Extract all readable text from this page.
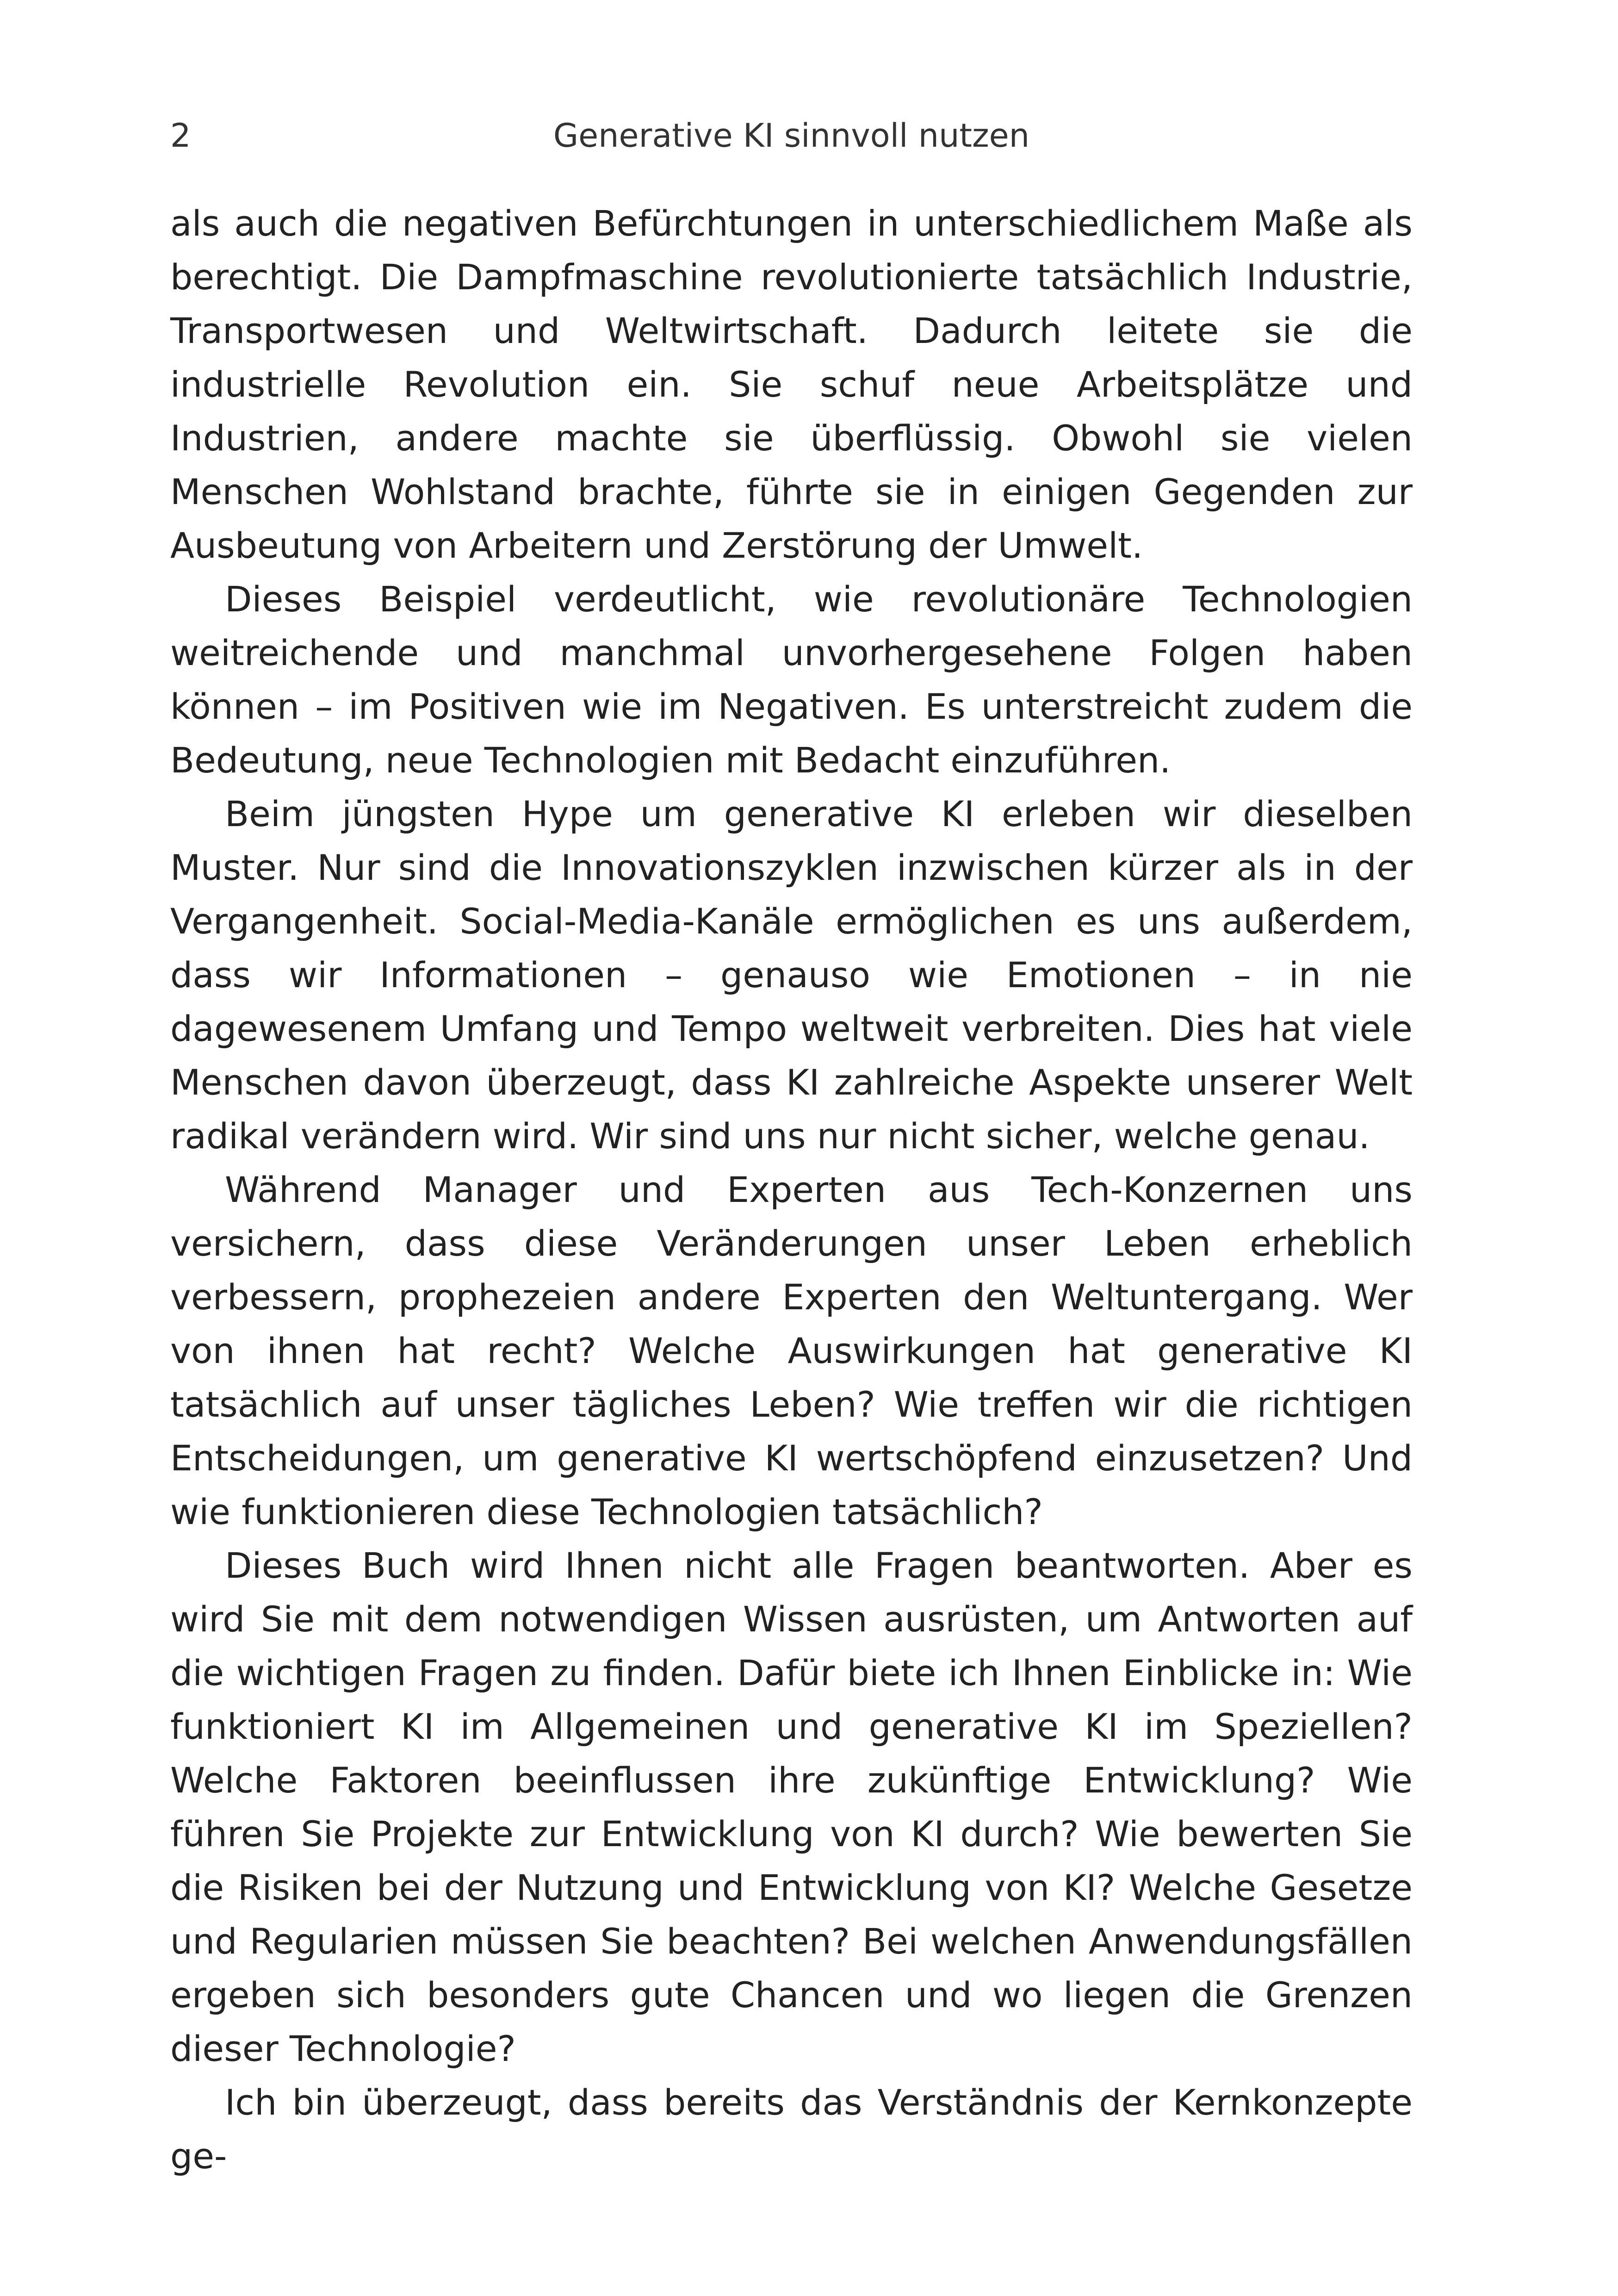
2	Generative KI sinnvoll nutzen

als auch die negativen Befürchtungen in unterschiedlichem Maße als berechtigt. Die Dampfmaschine revolutionierte tatsächlich Industrie, Transportwesen und Weltwirtschaft. Dadurch leitete sie die industrielle Revolution ein. Sie schuf neue Arbeitsplätze und Industrien, andere machte sie überflüssig. Obwohl sie vielen Menschen Wohlstand brachte, führte sie in einigen Gegenden zur Ausbeutung von Arbeitern und Zerstörung der Umwelt.

Dieses Beispiel verdeutlicht, wie revolutionäre Technologien weitreichende und manchmal unvorhergesehene Folgen haben können – im Positiven wie im Negativen. Es unterstreicht zudem die Bedeutung, neue Technologien mit Bedacht einzuführen.

Beim jüngsten Hype um generative KI erleben wir dieselben Muster. Nur sind die Innovationszyklen inzwischen kürzer als in der Vergangenheit. Social-Media-Kanäle ermöglichen es uns außerdem, dass wir Informationen – genauso wie Emotionen – in nie dagewesenem Umfang und Tempo weltweit verbreiten. Dies hat viele Menschen davon überzeugt, dass KI zahlreiche Aspekte unserer Welt radikal verändern wird. Wir sind uns nur nicht sicher, welche genau.

Während Manager und Experten aus Tech-Konzernen uns versichern, dass diese Veränderungen unser Leben erheblich verbessern, prophezeien andere Experten den Weltuntergang. Wer von ihnen hat recht? Welche Auswirkungen hat generative KI tatsächlich auf unser tägliches Leben? Wie treffen wir die richtigen Entscheidungen, um generative KI wertschöpfend einzusetzen? Und wie funktionieren diese Technologien tatsächlich?

Dieses Buch wird Ihnen nicht alle Fragen beantworten. Aber es wird Sie mit dem notwendigen Wissen ausrüsten, um Antworten auf die wichtigen Fragen zu finden. Dafür biete ich Ihnen Einblicke in: Wie funktioniert KI im Allgemeinen und generative KI im Speziellen? Welche Faktoren beeinflussen ihre zukünftige Entwicklung? Wie führen Sie Projekte zur Entwicklung von KI durch? Wie bewerten Sie die Risiken bei der Nutzung und Entwicklung von KI? Welche Gesetze und Regularien müssen Sie beachten? Bei welchen Anwendungsfällen ergeben sich besonders gute Chancen und wo liegen die Grenzen dieser Technologie?

Ich bin überzeugt, dass bereits das Verständnis der Kernkonzepte ge-
